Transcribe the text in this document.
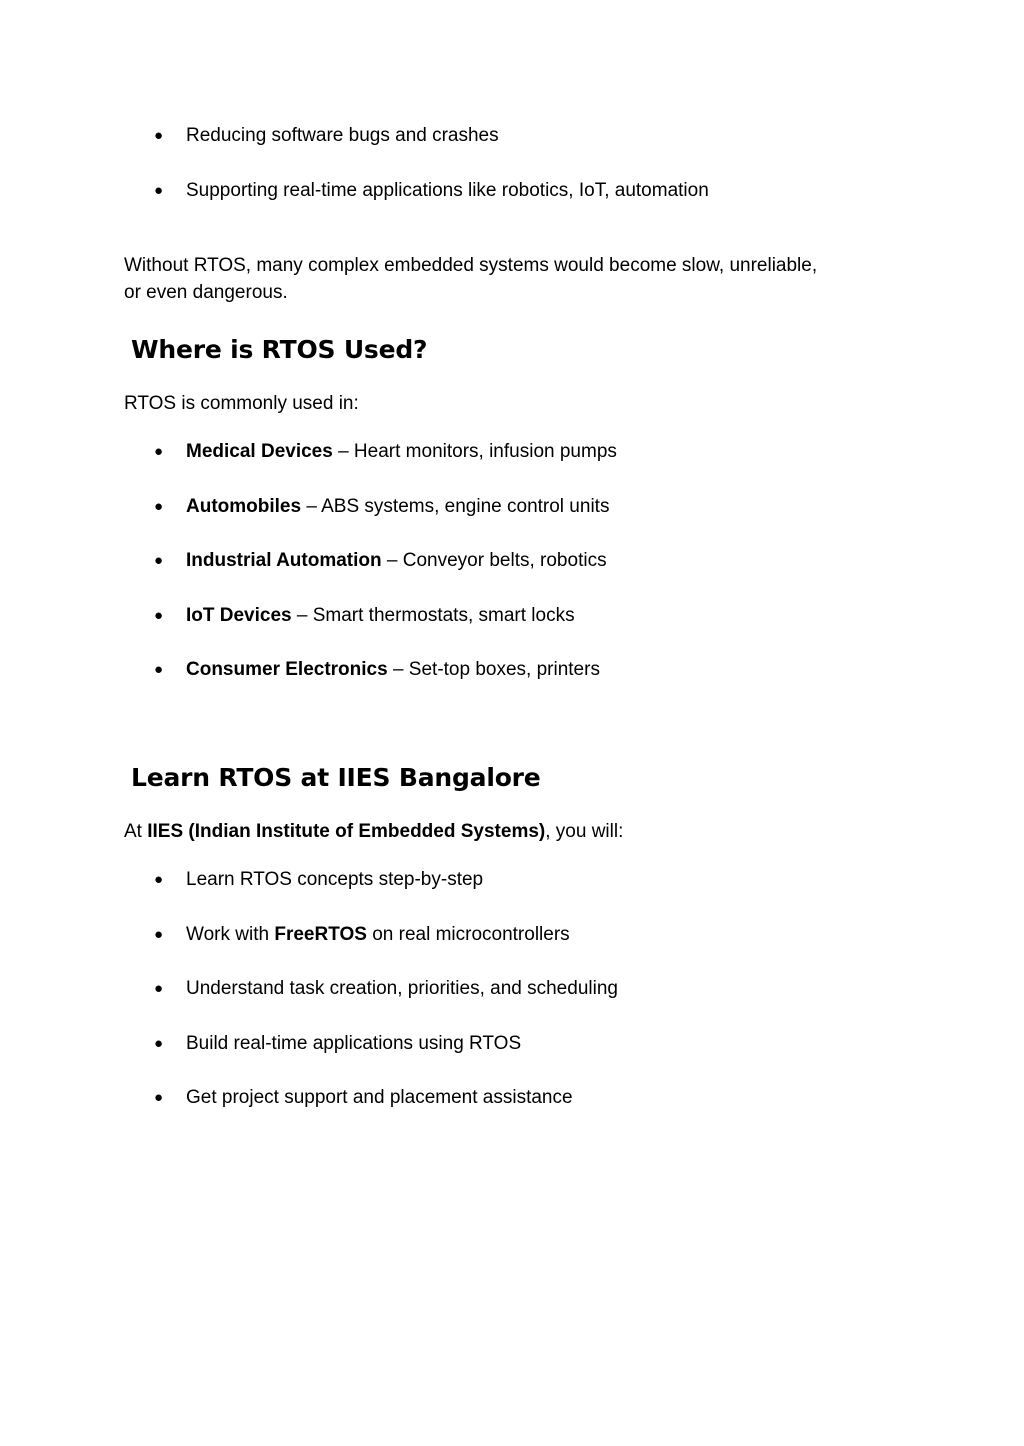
● Reducing software bugs and crashes
● Supporting real-time applications like robotics, IoT, automation
Without RTOS, many complex embedded systems would become slow, unreliable,
or even dangerous.
Where is RTOS Used?
RTOS is commonly used in:
● Medical Devices – Heart monitors, infusion pumps
● Automobiles – ABS systems, engine control units
● Industrial Automation – Conveyor belts, robotics
● IoT Devices – Smart thermostats, smart locks
● Consumer Electronics – Set-top boxes, printers
Learn RTOS at IIES Bangalore
At IIES (Indian Institute of Embedded Systems), you will:
● Learn RTOS concepts step-by-step
● Work with FreeRTOS on real microcontrollers
● Understand task creation, priorities, and scheduling
● Build real-time applications using RTOS
● Get project support and placement assistance
